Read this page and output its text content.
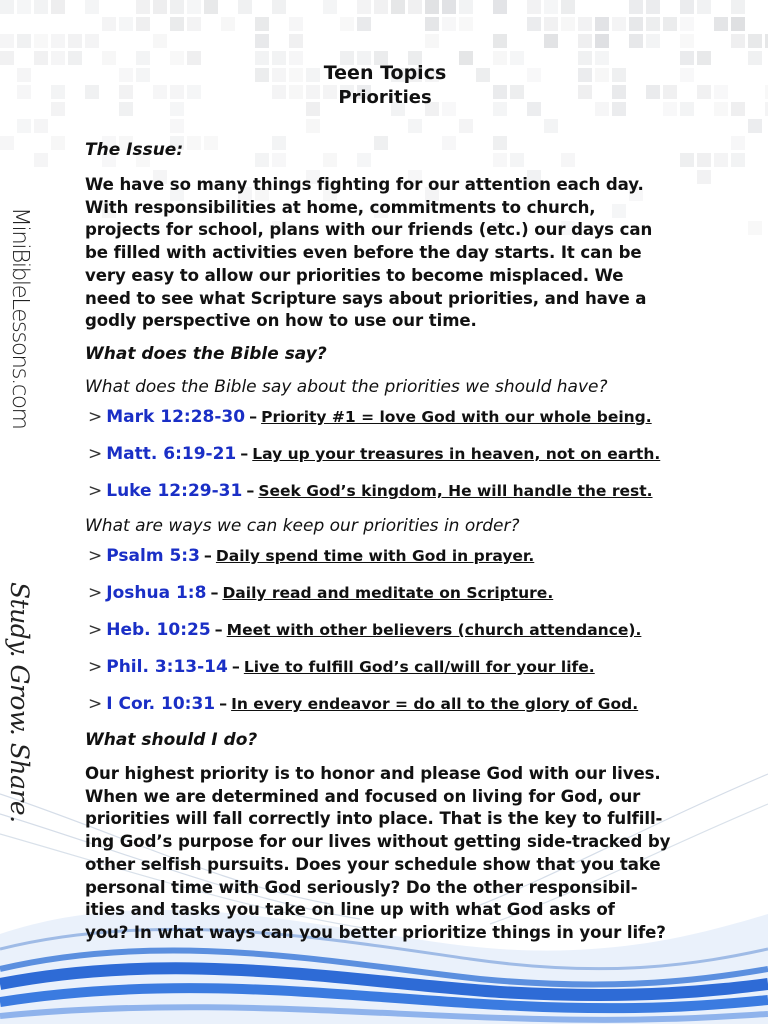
MiniBibleLessons.com
Study. Grow. Share.
Teen Topics
Priorities
The Issue:
We have so many things fighting for our attention each day.
With responsibilities at home, commitments to church,
projects for school, plans with our friends (etc.) our days can
be filled with activities even before the day starts. It can be
very easy to allow our priorities to become misplaced. We
need to see what Scripture says about priorities, and have a
godly perspective on how to use our time.
What does the Bible say?
What does the Bible say about the priorities we should have?
> Mark 12:28-30 – Priority #1 = love God with our whole being.
> Matt. 6:19-21 – Lay up your treasures in heaven, not on earth.
> Luke 12:29-31 – Seek God’s kingdom, He will handle the rest.
What are ways we can keep our priorities in order?
> Psalm 5:3 – Daily spend time with God in prayer.
> Joshua 1:8 – Daily read and meditate on Scripture.
> Heb. 10:25 – Meet with other believers (church attendance).
> Phil. 3:13-14 – Live to fulfill God’s call/will for your life.
> I Cor. 10:31 – In every endeavor = do all to the glory of God.
What should I do?
Our highest priority is to honor and please God with our lives.
When we are determined and focused on living for God, our
priorities will fall correctly into place. That is the key to fulfill-
ing God’s purpose for our lives without getting side-tracked by
other selfish pursuits. Does your schedule show that you take
personal time with God seriously? Do the other responsibil-
ities and tasks you take on line up with what God asks of
you? In what ways can you better prioritize things in your life?
